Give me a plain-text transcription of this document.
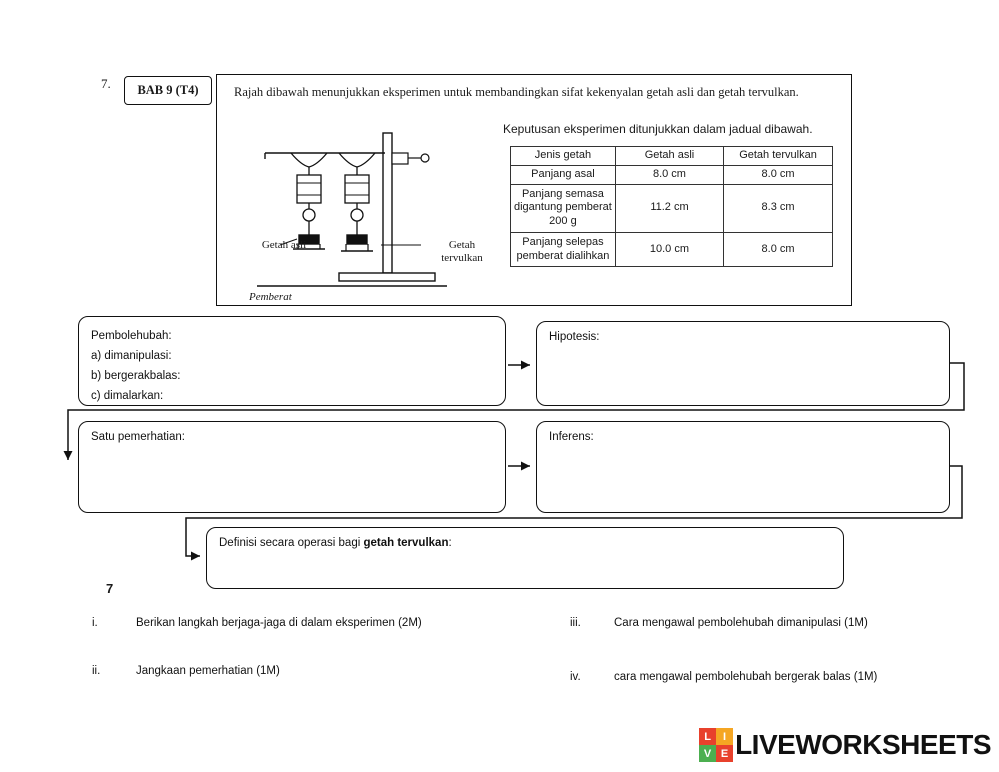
7.
Rajah dibawah menunjukkan eksperimen untuk membandingkan sifat kekenyalan getah asli dan getah tervulkan.
Getah asli	Getah tervulkan
Pemberat
Keputusan eksperimen ditunjukkan dalam jadual dibawah.
Jenis getah	Getah asli	Getah tervulkan
Panjang asal	8.0 cm	8.0 cm
Panjang semasa digantung pemberat 200 g	11.2 cm	8.3 cm
Panjang selepas pemberat dialihkan	10.0 cm	8.0 cm
BAB 9 (T4)
Pembolehubah:
a) dimanipulasi:
b) bergerakbalas:
c) dimalarkan:
Hipotesis:
Satu pemerhatian:	Inferens:
Definisi secara operasi bagi getah tervulkan:
7
i.	Berikan langkah berjaga-jaga di dalam eksperimen (2M)
ii.	Jangkaan pemerhatian (1M)
iii.	Cara mengawal pembolehubah dimanipulasi (1M)
iv.	cara mengawal pembolehubah bergerak balas (1M)
L	I
V E LIVEWORKSHEETS
